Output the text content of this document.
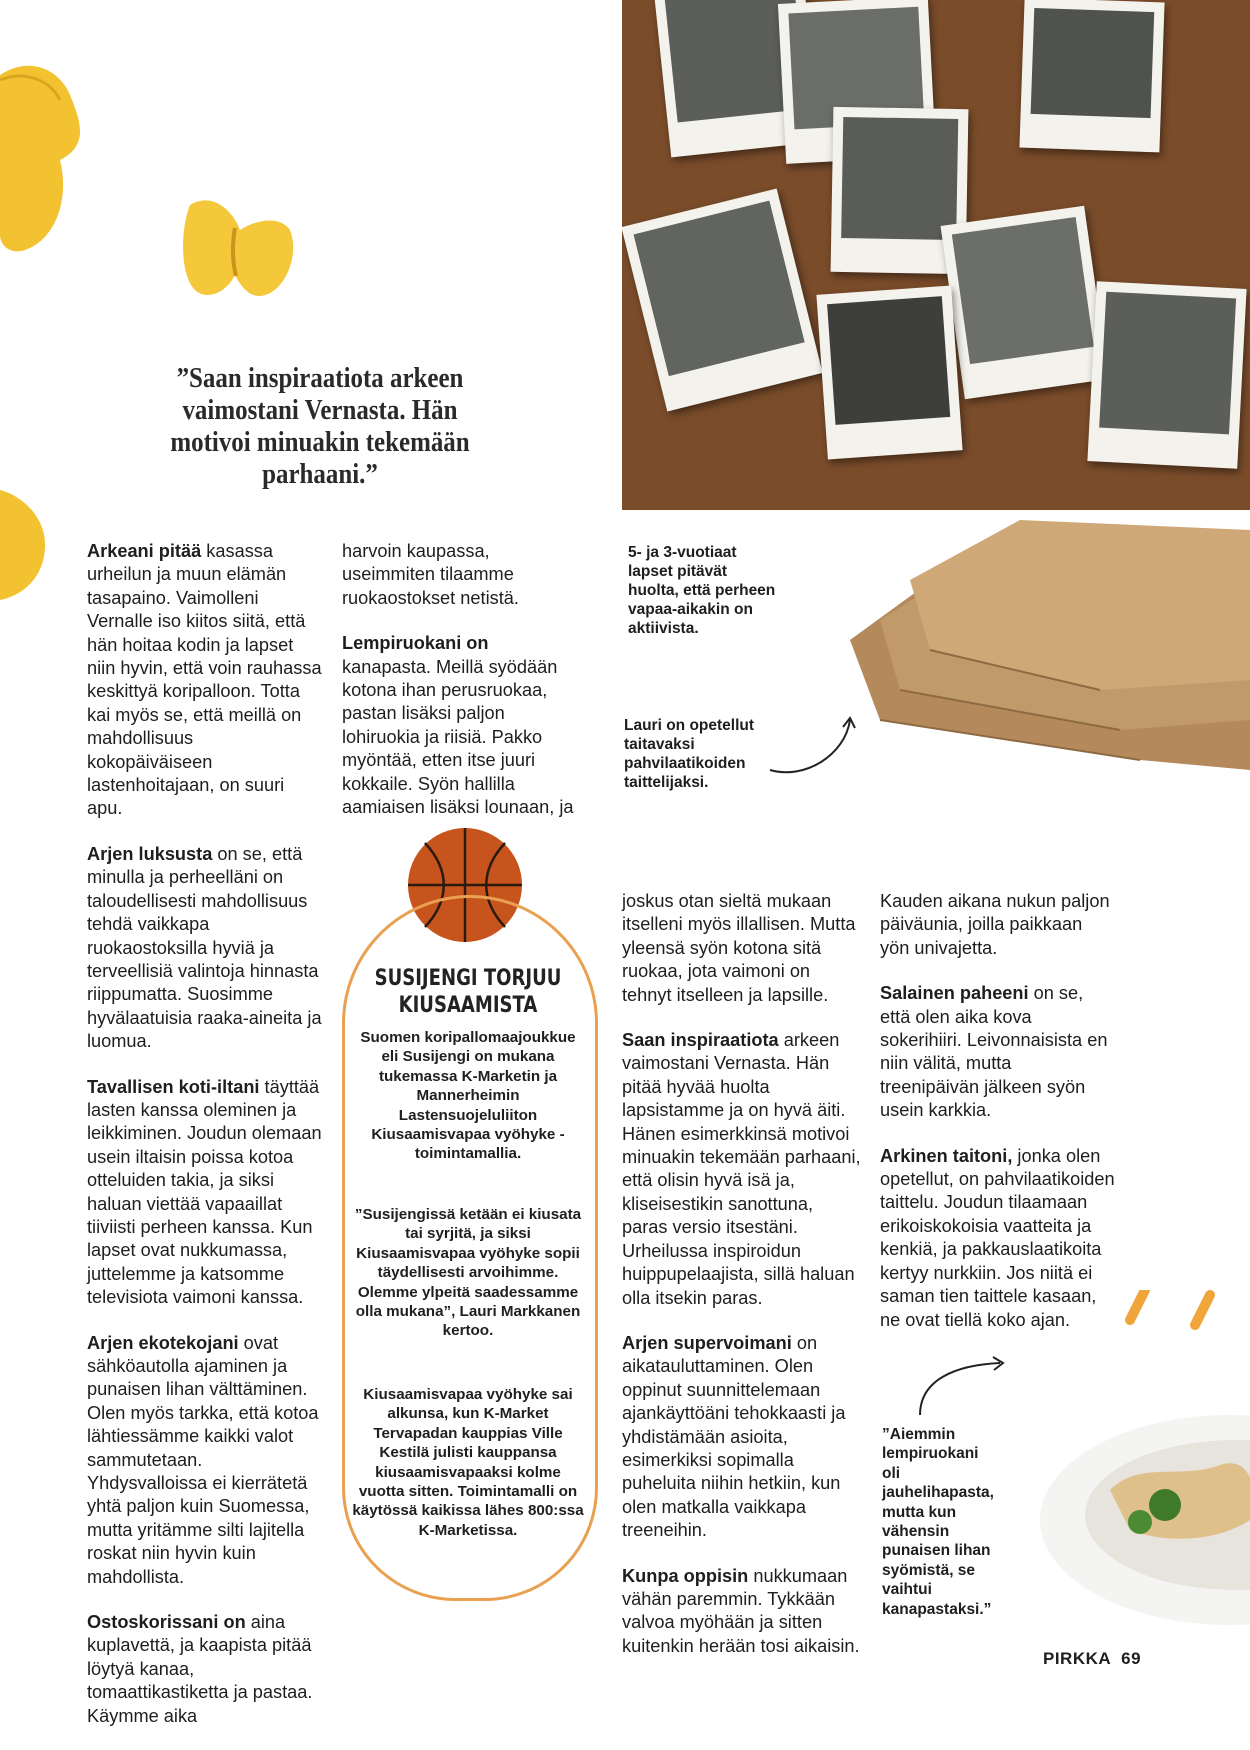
”Saan inspiraatiota arkeen vaimostani Vernasta. Hän motivoi minuakin tekemään parhaani.”
5- ja 3-vuotiaat lapset pitävät huolta, että perheen vapaa-aikakin on aktiivista.
Lauri on opetellut taitavaksi pahvilaatikoiden taittelijaksi.

Arkeani pitää kasassa urheilun ja muun elämän tasapaino. Vaimolleni Vernalle iso kiitos siitä, että hän hoitaa kodin ja lapset niin hyvin, että voin rauhassa keskittyä koripalloon. Totta kai myös se, että meillä on mahdollisuus kokopäiväiseen lastenhoitajaan, on suuri apu.

Arjen luksusta on se, että minulla ja perheelläni on taloudellisesti mahdollisuus tehdä vaikkapa ruokaostoksilla hyviä ja terveellisiä valintoja hinnasta riippumatta. Suosimme hyvälaatuisia raaka-aineita ja luomua.

Tavallisen koti-iltani täyttää lasten kanssa oleminen ja leikkiminen. Joudun olemaan usein iltaisin poissa kotoa otteluiden takia, ja siksi haluan viettää vapaaillat tiiviisti perheen kanssa. Kun lapset ovat nukkumassa, juttelemme ja katsomme televisiota vaimoni kanssa.

Arjen ekotekojani ovat sähköautolla ajaminen ja punaisen lihan välttäminen. Olen myös tarkka, että kotoa lähtiessämme kaikki valot sammutetaan. Yhdysvalloissa ei kierrätetä yhtä paljon kuin Suomessa, mutta yritämme silti lajitella roskat niin hyvin kuin mahdollista.

Ostoskorissani on aina kuplavettä, ja kaapista pitää löytyä kanaa, tomaattikastiketta ja pastaa. Käymme aika

harvoin kaupassa, useimmiten tilaamme ruokaostokset netistä.

Lempiruokani on kanapasta. Meillä syödään kotona ihan perusruokaa, pastan lisäksi paljon lohiruokia ja riisiä. Pakko myöntää, etten itse juuri kokkaile. Syön hallilla aamiaisen lisäksi lounaan, ja

SUSIJENGI TORJUU KIUSAAMISTA
Suomen koripallomaajoukkue eli Susijengi on mukana tukemassa K-Marketin ja Mannerheimin Lastensuojeluliiton Kiusaamisvapaa vyöhyke -toimintamallia.
”Susijengissä ketään ei kiusata tai syrjitä, ja siksi Kiusaamisvapaa vyöhyke sopii täydellisesti arvoihimme. Olemme ylpeitä saadessamme olla mukana”, Lauri Markkanen kertoo.
Kiusaamisvapaa vyöhyke sai alkunsa, kun K-Market Tervapadan kauppias Ville Kestilä julisti kauppansa kiusaamisvapaaksi kolme vuotta sitten. Toimintamalli on käytössä kaikissa lähes 800:ssa K-Marketissa.

joskus otan sieltä mukaan itselleni myös illallisen. Mutta yleensä syön kotona sitä ruokaa, jota vaimoni on tehnyt itselleen ja lapsille.

Saan inspiraatiota arkeen vaimostani Vernasta. Hän pitää hyvää huolta lapsistamme ja on hyvä äiti. Hänen esimerkkinsä motivoi minuakin tekemään parhaani, että olisin hyvä isä ja, kliseisestikin sanottuna, paras versio itsestäni. Urheilussa inspiroidun huippupelaajista, sillä haluan olla itsekin paras.

Arjen supervoimani on aikatauluttaminen. Olen oppinut suunnittelemaan ajankäyttöäni tehokkaasti ja yhdistämään asioita, esimerkiksi sopimalla puheluita niihin hetkiin, kun olen matkalla vaikkapa treeneihin.

Kunpa oppisin nukkumaan vähän paremmin. Tykkään valvoa myöhään ja sitten kuitenkin herään tosi aikaisin.

Kauden aikana nukun paljon päiväunia, joilla paikkaan yön univajetta.

Salainen paheeni on se, että olen aika kova sokerihiiri. Leivonnaisista en niin välitä, mutta treenipäivän jälkeen syön usein karkkia.

Arkinen taitoni, jonka olen opetellut, on pahvilaatikoiden taittelu. Joudun tilaamaan erikoiskokoisia vaatteita ja kenkiä, ja pakkauslaatikoita kertyy nurkkiin. Jos niitä ei saman tien taittele kasaan, ne ovat tiellä koko ajan.

”Aiemmin lempiruokani oli jauhelihapasta, mutta kun vähensin punaisen lihan syömistä, se vaihtui kanapastaksi.”
PIRKKA 69
